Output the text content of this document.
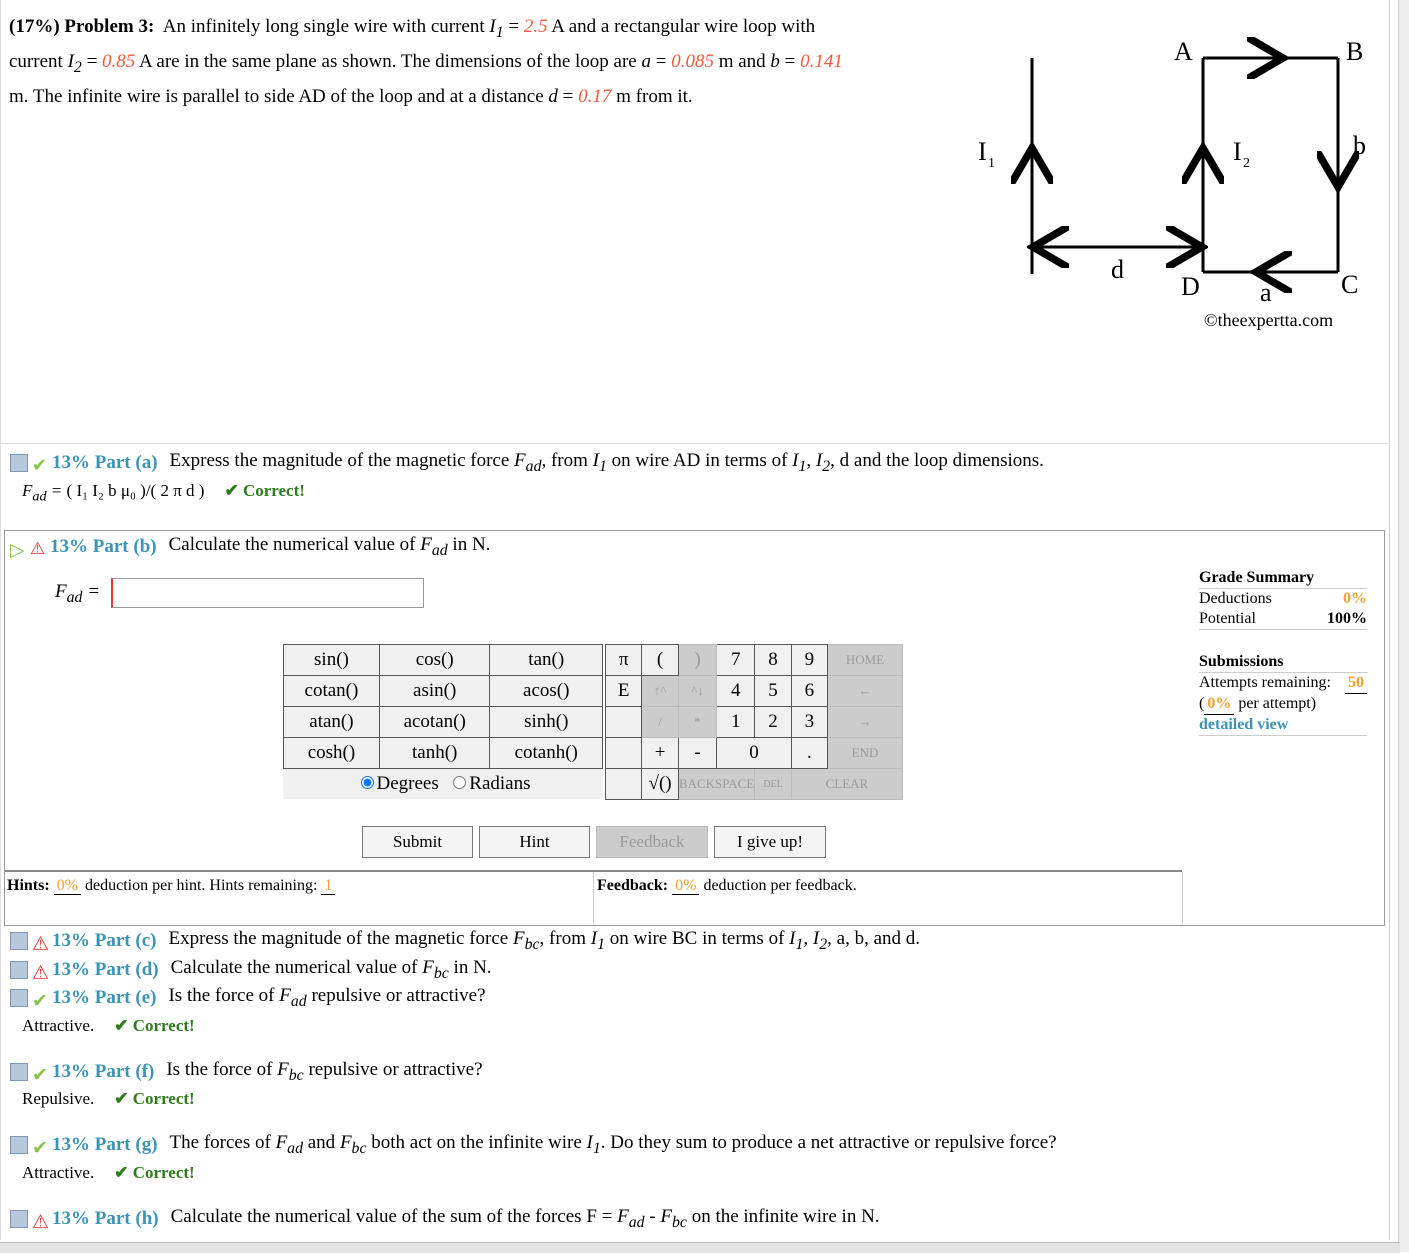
(17%) Problem 3: An infinitely long single wire with current $I_1 = 2.5$ A and a rectangular wire loop with current $I_2 = 0.85$ A are in the same plane as shown. The dimensions of the loop are a = 0.085 m and b = 0.141 m. The infinite wire is parallel to side AD of the loop and at a distance d = 0.17 m from it.
A	B
b
I 1	I 2
d
D a	C
©theexpertta.com
✔ 13% Part (a) Express the magnitude of the magnetic force $F_{ad}$, from $I_1$ on wire AD in terms of $I_1$, $I_2$, d and the loop dimensions.
$F_{ad}$ = ( I₁ I₂ b μ₀ )/( 2 π d ) ✔ Correct!
▷ ⚠ 13% Part (b) Calculate the numerical value of $F_{ad}$ in N.
$F_{ad}$ =
sin()	cos()	tan()
cotan()	asin()	acos()
atan()	acotan()	sinh()
cosh()	tanh()	cotanh()
Degrees Radians
π	(	)	7	8	9	HOME
E	↑^	^↓	4	5	6	←
	/	*	1	2	3	→
	+	-	0		.	END
	√()	BACKSPACE		DEL	CLEAR	
Submit	Hint	Feedback	I give up!
Hints: 0% deduction per hint. Hints remaining: 1	Feedback: 0% deduction per feedback.
Grade Summary
Deductions	0%
Potential	100%
Submissions
Attempts remaining: 50
( 0%
per attempt)
detailed view
⚠ 13% Part (c) Express the magnitude of the magnetic force $F_{bc}$, from $I_1$ on wire BC in terms of $I_1$, $I_2$, a, b, and d.
⚠ 13% Part (d) Calculate the numerical value of $F_{bc}$ in N.
✔ 13% Part (e) Is the force of $F_{ad}$ repulsive or attractive?
Attractive. ✔ Correct!
✔ 13% Part (f) Is the force of $F_{bc}$ repulsive or attractive?
Repulsive. ✔ Correct!
✔ 13% Part (g) The forces of $F_{ad}$ and $F_{bc}$ both act on the infinite wire $I_1$. Do they sum to produce a net attractive or repulsive force?
Attractive. ✔ Correct!
⚠ 13% Part (h) Calculate the numerical value of the sum of the forces $F = F_{ad} - F_{bc}$ on the infinite wire in N.
